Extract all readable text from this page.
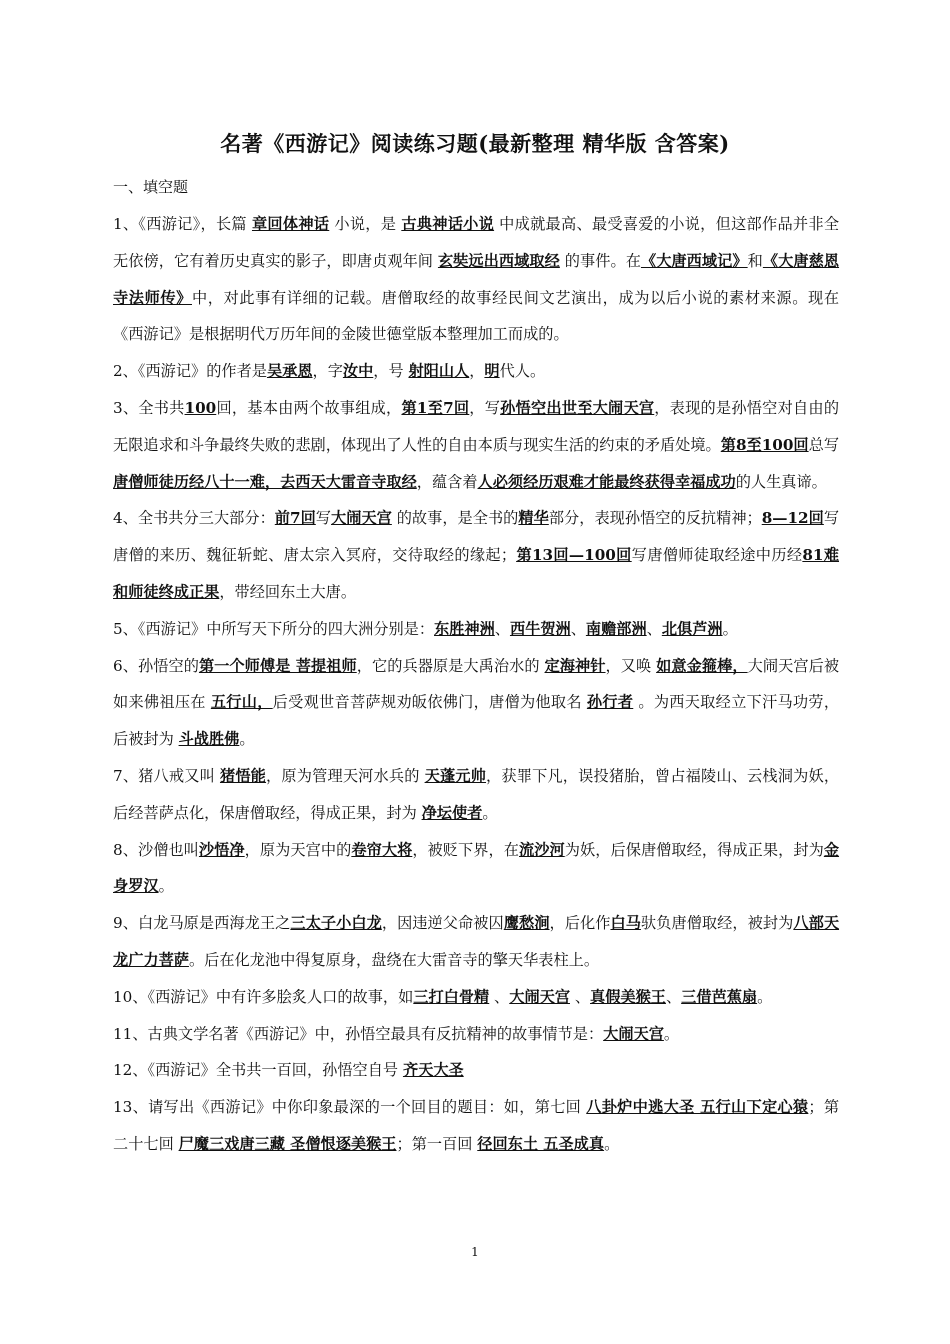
名著《西游记》阅读练习题(最新整理 精华版 含答案)
一、填空题

1、《西游记》，长篇 章回体神话 小说，是 古典神话小说 中成就最高、最受喜爱的小说，但这部作品并非全无依傍，它有着历史真实的影子，即唐贞观年间 玄奘远出西域取经 的事件。在《大唐西域记》和《大唐慈恩寺法师传》中，对此事有详细的记载。唐僧取经的故事经民间文艺演出，成为以后小说的素材来源。现在《西游记》是根据明代万历年间的金陵世德堂版本整理加工而成的。

2、《西游记》的作者是吴承恩，字汝中，号 射阳山人，明代人。

3、全书共100回，基本由两个故事组成，第1至7回，写孙悟空出世至大闹天宫，表现的是孙悟空对自由的无限追求和斗争最终失败的悲剧，体现出了人性的自由本质与现实生活的约束的矛盾处境。第8至100回总写唐僧师徒历经八十一难，去西天大雷音寺取经，蕴含着人必须经历艰难才能最终获得幸福成功的人生真谛。

4、全书共分三大部分：前7回写大闹天宫 的故事，是全书的精华部分，表现孙悟空的反抗精神；8—12回写唐僧的来历、魏征斩蛇、唐太宗入冥府，交待取经的缘起；第13回—100回写唐僧师徒取经途中历经81难和师徒终成正果，带经回东土大唐。

5、《西游记》中所写天下所分的四大洲分别是：东胜神洲、西牛贺洲、南赡部洲、北俱芦洲。

6、孙悟空的第一个师傅是 菩提祖师，它的兵器原是大禹治水的 定海神针，又唤 如意金箍棒，大闹天宫后被如来佛祖压在 五行山，后受观世音菩萨规劝皈依佛门，唐僧为他取名 孙行者 。为西天取经立下汗马功劳，后被封为 斗战胜佛。

7、猪八戒又叫 猪悟能，原为管理天河水兵的 天蓬元帅，获罪下凡，误投猪胎，曾占福陵山、云栈洞为妖，后经菩萨点化，保唐僧取经，得成正果，封为 净坛使者。

8、沙僧也叫沙悟净，原为天宫中的卷帘大将，被贬下界，在流沙河为妖，后保唐僧取经，得成正果，封为金身罗汉。

9、白龙马原是西海龙王之三太子小白龙，因违逆父命被囚鹰愁涧，后化作白马驮负唐僧取经，被封为八部天龙广力菩萨。后在化龙池中得复原身，盘绕在大雷音寺的擎天华表柱上。

10、《西游记》中有许多脍炙人口的故事，如三打白骨精 、大闹天宫 、真假美猴王、三借芭蕉扇。

11、古典文学名著《西游记》中，孙悟空最具有反抗精神的故事情节是：大闹天宫。

12、《西游记》全书共一百回，孙悟空自号 齐天大圣

13、请写出《西游记》中你印象最深的一个回目的题目：如，第七回 八卦炉中逃大圣 五行山下定心猿；第二十七回 尸魔三戏唐三藏 圣僧恨逐美猴王；第一百回 径回东土 五圣成真。

1
